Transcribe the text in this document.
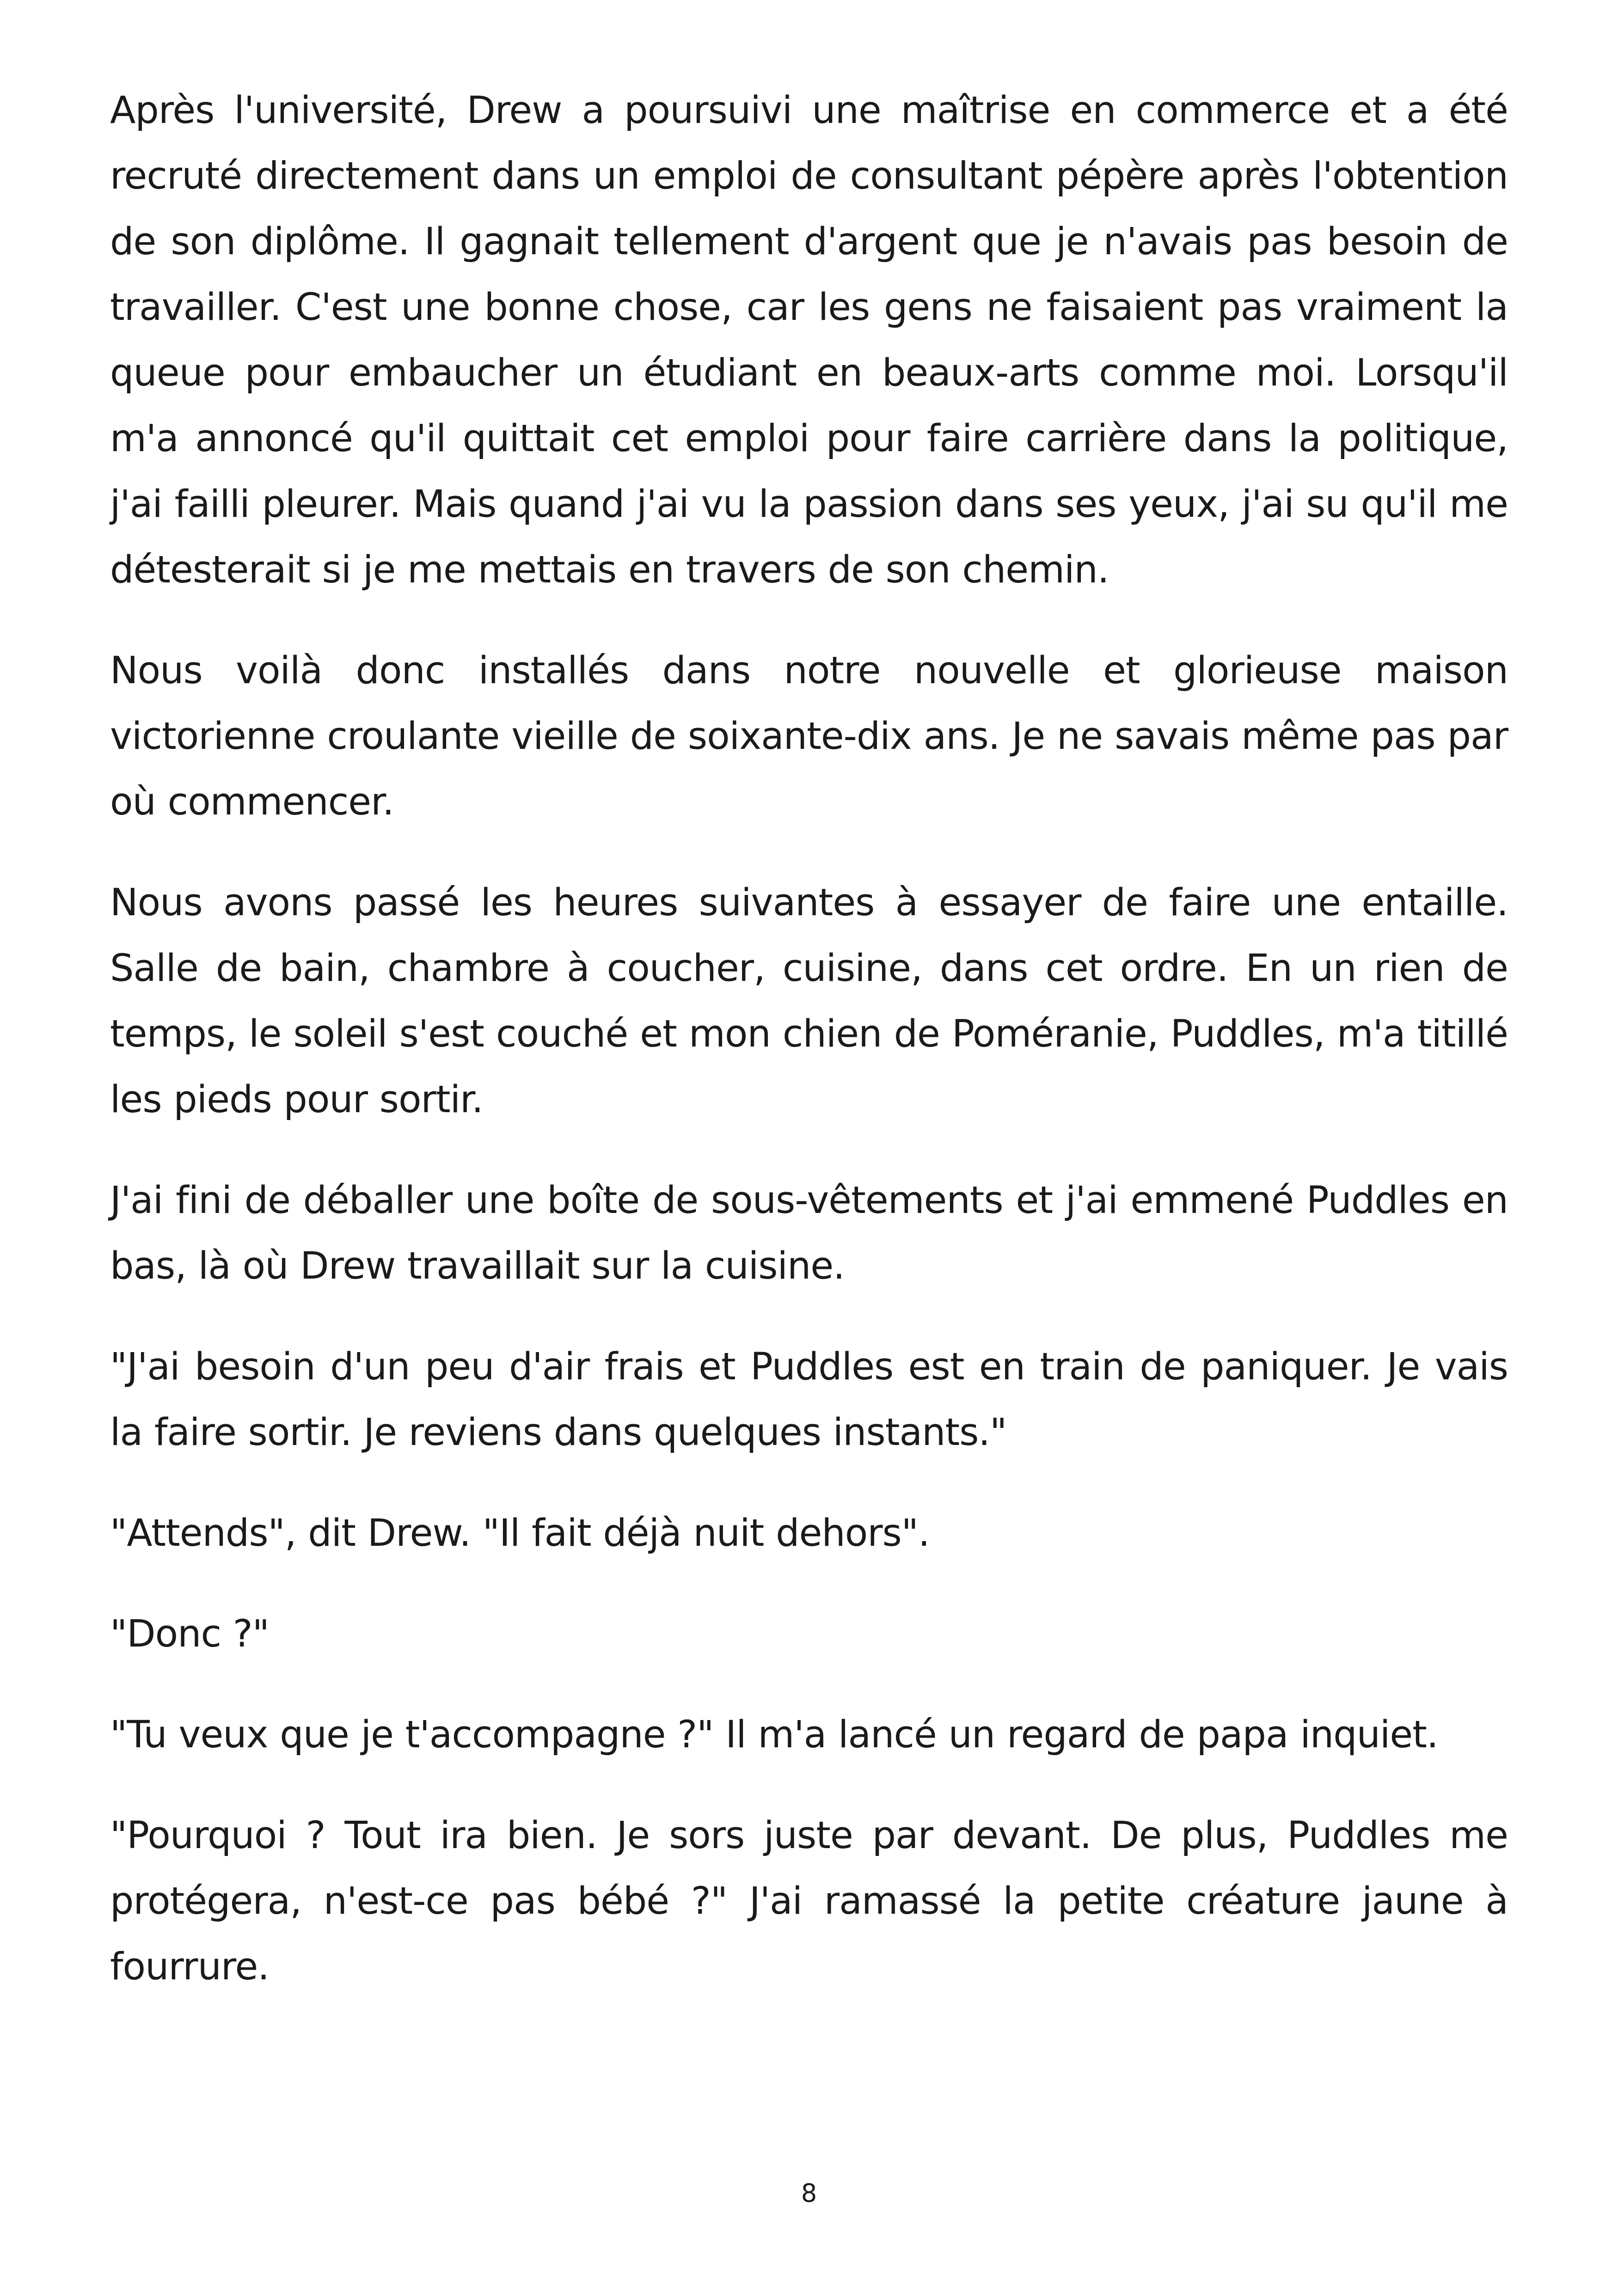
Après l'université, Drew a poursuivi une maîtrise en commerce et a été recruté directement dans un emploi de consultant pépère après l'obtention de son diplôme. Il gagnait tellement d'argent que je n'avais pas besoin de travailler. C'est une bonne chose, car les gens ne faisaient pas vraiment la queue pour embaucher un étudiant en beaux-arts comme moi. Lorsqu'il m'a annoncé qu'il quittait cet emploi pour faire carrière dans la politique, j'ai failli pleurer. Mais quand j'ai vu la passion dans ses yeux, j'ai su qu'il me détesterait si je me mettais en travers de son chemin.

Nous voilà donc installés dans notre nouvelle et glorieuse maison victorienne croulante vieille de soixante-dix ans. Je ne savais même pas par où commencer.

Nous avons passé les heures suivantes à essayer de faire une entaille. Salle de bain, chambre à coucher, cuisine, dans cet ordre. En un rien de temps, le soleil s'est couché et mon chien de Poméranie, Puddles, m'a titillé les pieds pour sortir.

J'ai fini de déballer une boîte de sous-vêtements et j'ai emmené Puddles en bas, là où Drew travaillait sur la cuisine.

"J'ai besoin d'un peu d'air frais et Puddles est en train de paniquer. Je vais la faire sortir. Je reviens dans quelques instants."

"Attends", dit Drew. "Il fait déjà nuit dehors".

"Donc ?"

"Tu veux que je t'accompagne ?" Il m'a lancé un regard de papa inquiet.

"Pourquoi ? Tout ira bien. Je sors juste par devant. De plus, Puddles me protégera, n'est-ce pas bébé ?" J'ai ramassé la petite créature jaune à fourrure.

8
